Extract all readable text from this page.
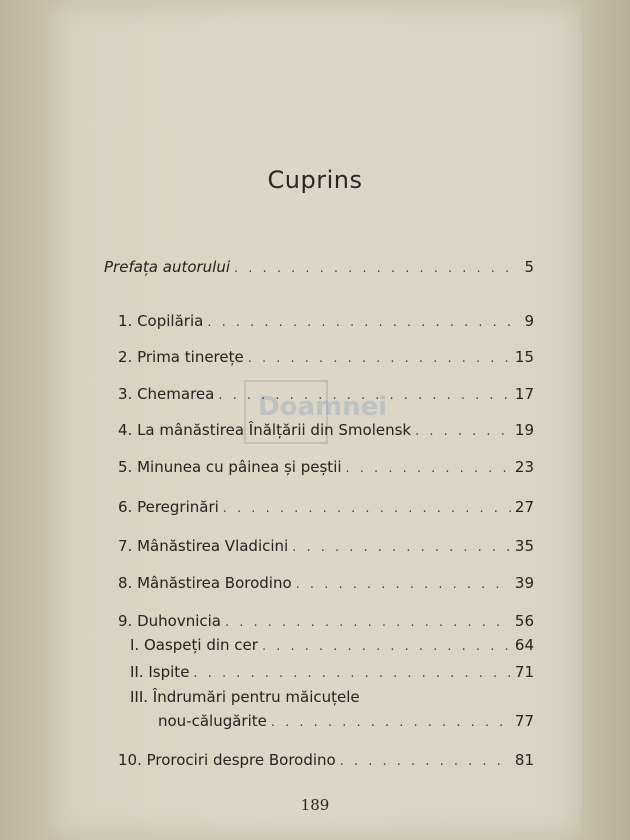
Cuprins
Doamnei
Prefața autorului . . .	5
1. Copilăria . . .	9
2. Prima tinerețe . . .	15
3. Chemarea . . .	17
4. La mânăstirea Înălțării din Smolensk . . .	19
5. Minunea cu pâinea și peștii . . .	23
6. Peregrinări . . .	27
7. Mânăstirea Vladicini . . .	35
8. Mânăstirea Borodino . . .	39
9. Duhovnicia . . .	56
I. Oaspeți din cer . . .	64
II. Ispite . . .	71
III. Îndrumări pentru măicuțele
nou-călugărite . . .	77
10. Prorociri despre Borodino . . .	81
189
